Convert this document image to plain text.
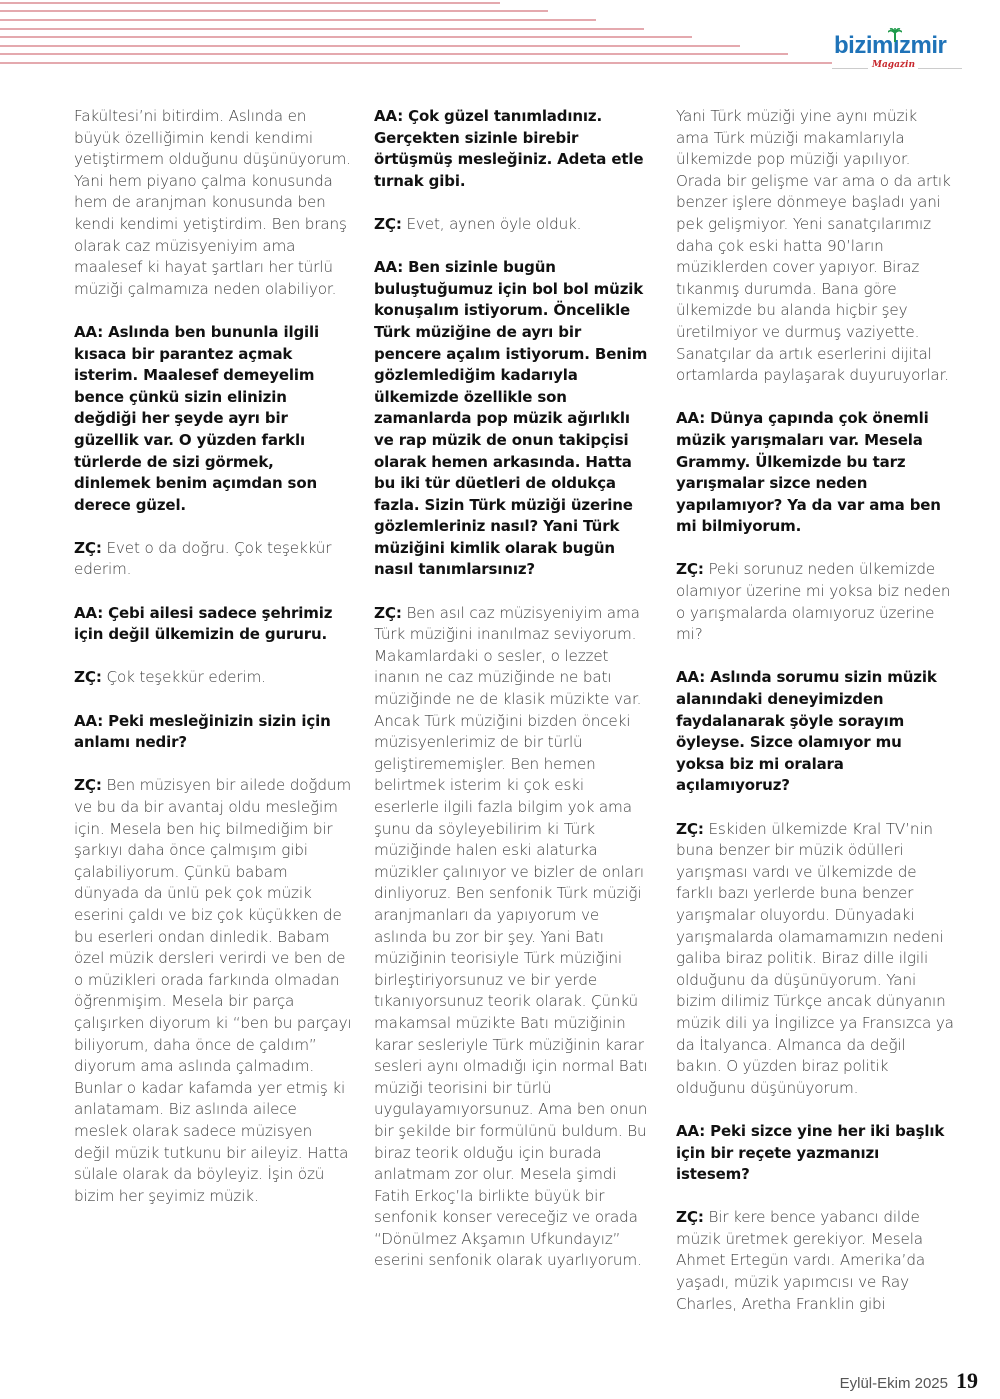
bizimızmir
Magazin

Fakültesi’ni bitirdim. Aslında en büyük özelliğimin kendi kendimi yetiştirmem olduğunu düşünüyorum. Yani hem piyano çalma konusunda hem de aranjman konusunda ben kendi kendimi yetiştirdim. Ben branş olarak caz müzisyeniyim ama maalesef ki hayat şartları her türlü müziği çalmamıza neden olabiliyor.

AA: Aslında ben bununla ilgili kısaca bir parantez açmak isterim. Maalesef demeyelim bence çünkü sizin elinizin değdiği her şeyde ayrı bir güzellik var. O yüzden farklı türlerde de sizi görmek, dinlemek benim açımdan son derece güzel.

ZÇ: Evet o da doğru. Çok teşekkür ederim.

AA: Çebi ailesi sadece şehrimiz için değil ülkemizin de gururu.

ZÇ: Çok teşekkür ederim.

AA: Peki mesleğinizin sizin için anlamı nedir?

ZÇ: Ben müzisyen bir ailede doğdum ve bu da bir avantaj oldu mesleğim için. Mesela ben hiç bilmediğim bir şarkıyı daha önce çalmışım gibi çalabiliyorum. Çünkü babam dünyada da ünlü pek çok müzik eserini çaldı ve biz çok küçükken de bu eserleri ondan dinledik. Babam özel müzik dersleri verirdi ve ben de o müzikleri orada farkında olmadan öğrenmişim. Mesela bir parça çalışırken diyorum ki “ben bu parçayı biliyorum, daha önce de çaldım” diyorum ama aslında çalmadım. Bunlar o kadar kafamda yer etmiş ki anlatamam. Biz aslında ailece meslek olarak sadece müzisyen değil müzik tutkunu bir aileyiz. Hatta sülale olarak da böyleyiz. İşin özü bizim her şeyimiz müzik.

AA: Çok güzel tanımladınız. Gerçekten sizinle birebir örtüşmüş mesleğiniz. Adeta etle tırnak gibi.

ZÇ: Evet, aynen öyle olduk.

AA: Ben sizinle bugün buluştuğumuz için bol bol müzik konuşalım istiyorum. Öncelikle Türk müziğine de ayrı bir pencere açalım istiyorum. Benim gözlemlediğim kadarıyla ülkemizde özellikle son zamanlarda pop müzik ağırlıklı ve rap müzik de onun takipçisi olarak hemen arkasında. Hatta bu iki tür düetleri de oldukça fazla. Sizin Türk müziği üzerine gözlemleriniz nasıl? Yani Türk müziğini kimlik olarak bugün nasıl tanımlarsınız?

ZÇ: Ben asıl caz müzisyeniyim ama Türk müziğini inanılmaz seviyorum. Makamlardaki o sesler, o lezzet inanın ne caz müziğinde ne batı müziğinde ne de klasik müzikte var. Ancak Türk müziğini bizden önceki müzisyenlerimiz de bir türlü geliştirememişler. Ben hemen belirtmek isterim ki çok eski eserlerle ilgili fazla bilgim yok ama şunu da söyleyebilirim ki Türk müziğinde halen eski alaturka müzikler çalınıyor ve bizler de onları dinliyoruz. Ben senfonik Türk müziği aranjmanları da yapıyorum ve aslında bu zor bir şey. Yani Batı müziğinin teorisiyle Türk müziğini birleştiriyorsunuz ve bir yerde tıkanıyorsunuz teorik olarak. Çünkü makamsal müzikte Batı müziğinin karar sesleriyle Türk müziğinin karar sesleri aynı olmadığı için normal Batı müziği teorisini bir türlü uygulayamıyorsunuz. Ama ben onun bir şekilde bir formülünü buldum. Bu biraz teorik olduğu için burada anlatmam zor olur. Mesela şimdi Fatih Erkoç’la birlikte büyük bir senfonik konser vereceğiz ve orada “Dönülmez Akşamın Ufkundayız” eserini senfonik olarak uyarlıyorum.

Yani Türk müziği yine aynı müzik ama Türk müziği makamlarıyla ülkemizde pop müziği yapılıyor. Orada bir gelişme var ama o da artık benzer işlere dönmeye başladı yani pek gelişmiyor. Yeni sanatçılarımız daha çok eski hatta 90’ların müziklerden cover yapıyor. Biraz tıkanmış durumda. Bana göre ülkemizde bu alanda hiçbir şey üretilmiyor ve durmuş vaziyette. Sanatçılar da artık eserlerini dijital ortamlarda paylaşarak duyuruyorlar.

AA: Dünya çapında çok önemli müzik yarışmaları var. Mesela Grammy. Ülkemizde bu tarz yarışmalar sizce neden yapılamıyor? Ya da var ama ben mi bilmiyorum.

ZÇ: Peki sorunuz neden ülkemizde olamıyor üzerine mi yoksa biz neden o yarışmalarda olamıyoruz üzerine mi?

AA: Aslında sorumu sizin müzik alanındaki deneyimizden faydalanarak şöyle sorayım öyleyse. Sizce olamıyor mu yoksa biz mi oralara açılamıyoruz?

ZÇ: Eskiden ülkemizde Kral TV’nin buna benzer bir müzik ödülleri yarışması vardı ve ülkemizde de farklı bazı yerlerde buna benzer yarışmalar oluyordu. Dünyadaki yarışmalarda olamamamızın nedeni galiba biraz politik. Biraz dille ilgili olduğunu da düşünüyorum. Yani bizim dilimiz Türkçe ancak dünyanın müzik dili ya İngilizce ya Fransızca ya da İtalyanca. Almanca da değil bakın. O yüzden biraz politik olduğunu düşünüyorum.

AA: Peki sizce yine her iki başlık için bir reçete yazmanızı istesem?

ZÇ: Bir kere bence yabancı dilde müzik üretmek gerekiyor. Mesela Ahmet Ertegün vardı. Amerika’da yaşadı, müzik yapımcısı ve Ray Charles, Aretha Franklin gibi

Eylül-Ekim 2025 19
